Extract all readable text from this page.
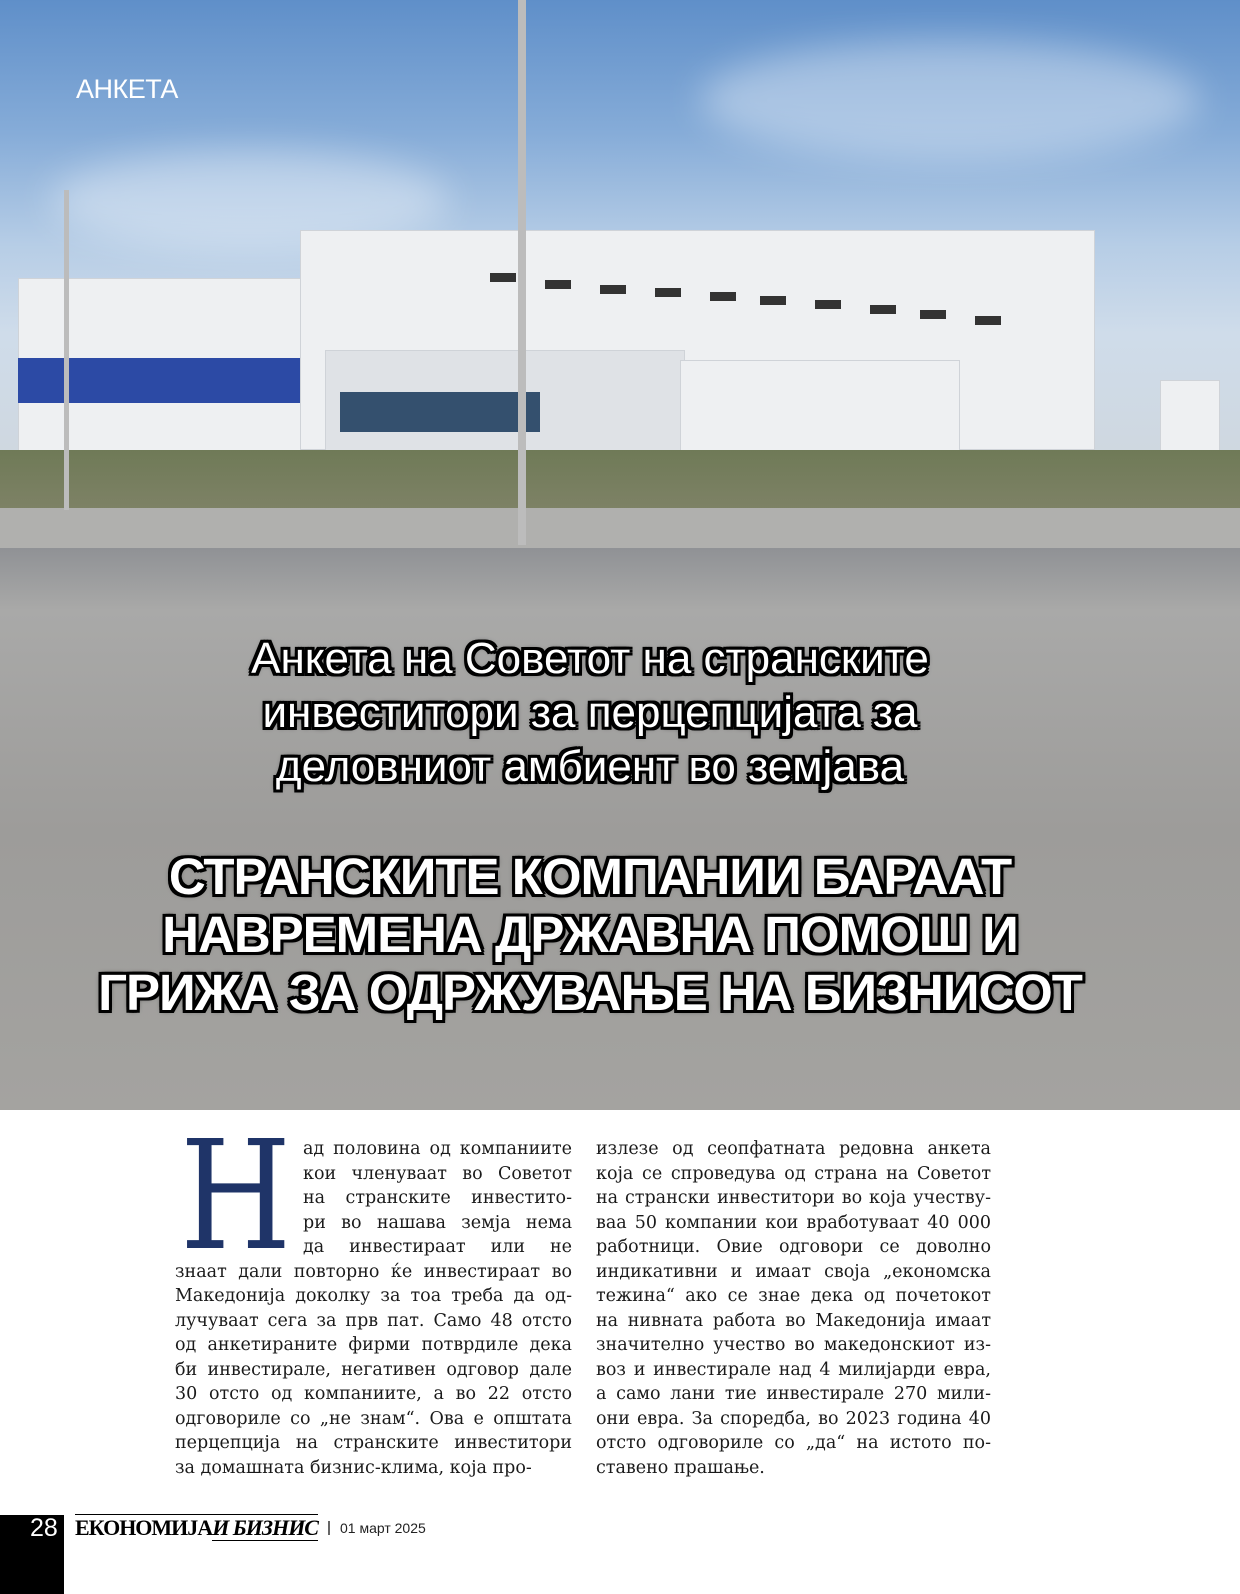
АНКЕТА
Анкета на Советот на странските
инвеститори за перцепцијата за
деловниот амбиент во земјава
СТРАНСКИТЕ КОМПАНИИ БАРААТ
НАВРЕМЕНА ДРЖАВНА ПОМОШ И
ГРИЖА ЗА ОДРЖУВАЊЕ НА БИЗНИСОТ
Н ад половина од компаниите
кои членуваат во Советот
на странските инвестито-
ри во нашава земја нема
да инвестираат или не
знаат дали повторно ќе инвестираат во
Македонија доколку за тоа треба да од-
лучуваат сега за прв пат. Само 48 отсто
од анкетираните фирми потврдиле дека
би инвестирале, негативен одговор дале
30 отсто од компаниите, а во 22 отсто
одговориле со „не знам“. Ова е општата
перцепција на странските инвеститори
за домашната бизнис-клима, која про-
излезе од сеопфатната редовна анкета
која се спроведува од страна на Советот
на странски инвеститори во која учеству-
ваа 50 компании кои вработуваат 40 000
работници. Овие одговори се доволно
индикативни и имаат своја „економска
тежина“ ако се знае дека од почетокот
на нивната работа во Македонија имаат
значително учество во македонскиот из-
воз и инвестирале над 4 милијарди евра,
а само лани тие инвестирале 270 мили-
они евра. За споредба, во 2023 година 40
отсто одговориле со „да“ на истото по-
ставено прашање.
28 ЕКОНОМИЈАИ БИЗНИС 01 март 2025
